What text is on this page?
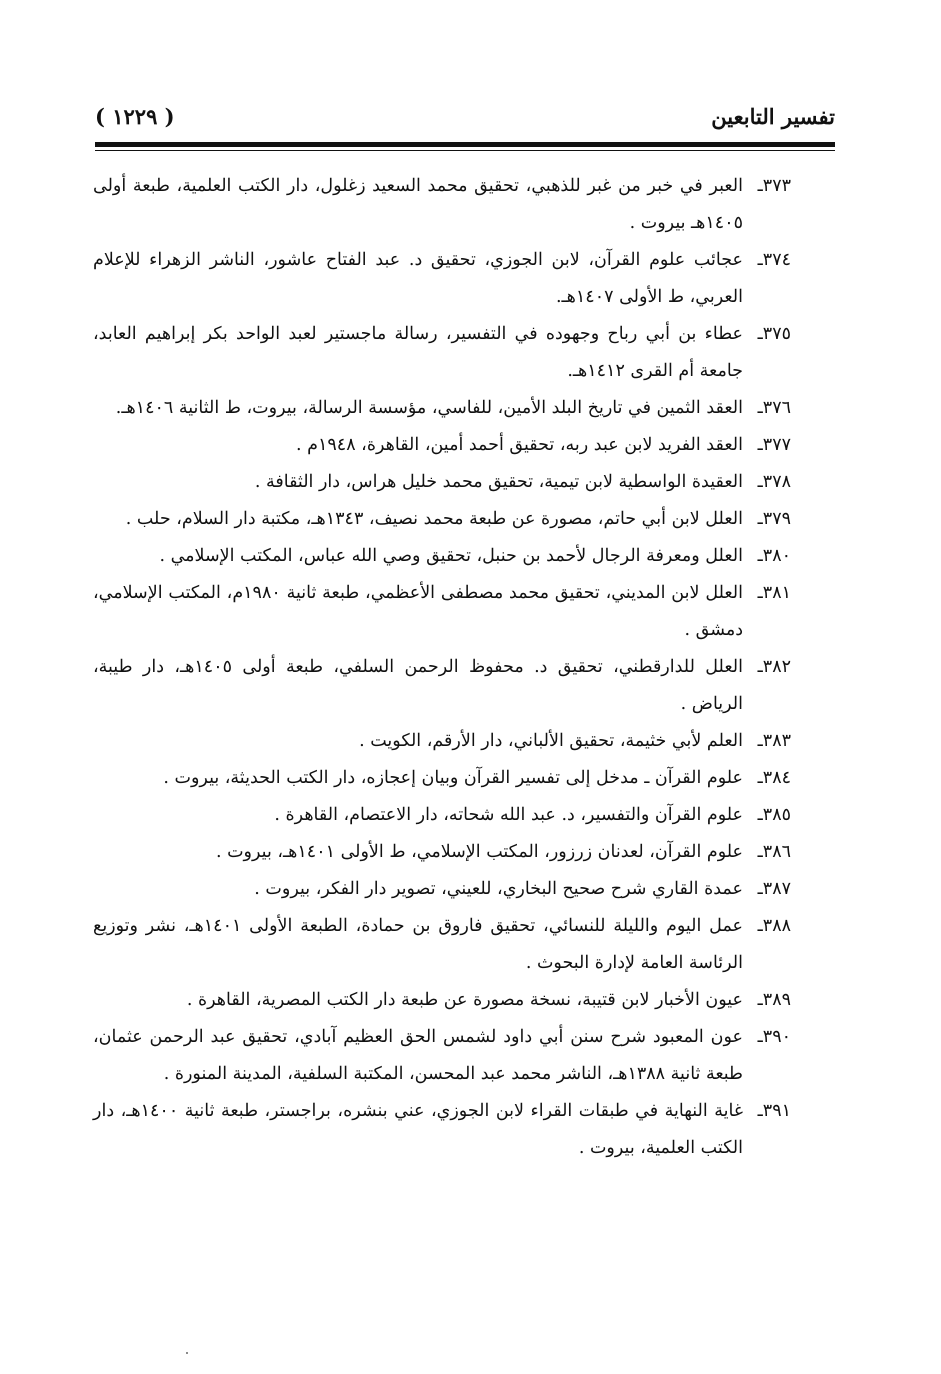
تفسير التابعين
( ١٢٢٩ )
٣٧٣ـ
العبر في خبر من غبر للذهبي، تحقيق محمد السعيد زغلول، دار الكتب العلمية، طبعة أولى ١٤٠٥هـ بيروت .
٣٧٤ـ
عجائب علوم القرآن، لابن الجوزي، تحقيق د. عبد الفتاح عاشور، الناشر الزهراء للإعلام العربي، ط الأولى ١٤٠٧هـ.
٣٧٥ـ
عطاء بن أبي رباح وجهوده في التفسير، رسالة ماجستير لعبد الواحد بكر إبراهيم العابد، جامعة أم القرى ١٤١٢هـ.
٣٧٦ـ
العقد الثمين في تاريخ البلد الأمين، للفاسي، مؤسسة الرسالة، بيروت، ط الثانية ١٤٠٦هـ.
٣٧٧ـ
العقد الفريد لابن عبد ربه، تحقيق أحمد أمين، القاهرة، ١٩٤٨م .
٣٧٨ـ
العقيدة الواسطية لابن تيمية، تحقيق محمد خليل هراس، دار الثقافة .
٣٧٩ـ
العلل لابن أبي حاتم، مصورة عن طبعة محمد نصيف، ١٣٤٣هـ، مكتبة دار السلام، حلب .
٣٨٠ـ
العلل ومعرفة الرجال لأحمد بن حنبل، تحقيق وصي الله عباس، المكتب الإسلامي .
٣٨١ـ
العلل لابن المديني، تحقيق محمد مصطفى الأعظمي، طبعة ثانية ١٩٨٠م، المكتب الإسلامي، دمشق .
٣٨٢ـ
العلل للدارقطني، تحقيق د. محفوظ الرحمن السلفي، طبعة أولى ١٤٠٥هـ، دار طيبة، الرياض .
٣٨٣ـ
العلم لأبي خثيمة، تحقيق الألباني، دار الأرقم، الكويت .
٣٨٤ـ
علوم القرآن ـ مدخل إلى تفسير القرآن وبيان إعجازه، دار الكتب الحديثة، بيروت .
٣٨٥ـ
علوم القرآن والتفسير، د. عبد الله شحاته، دار الاعتصام، القاهرة .
٣٨٦ـ
علوم القرآن، لعدنان زرزور، المكتب الإسلامي، ط الأولى ١٤٠١هـ، بيروت .
٣٨٧ـ
عمدة القاري شرح صحيح البخاري، للعيني، تصوير دار الفكر، بيروت .
٣٨٨ـ
عمل اليوم والليلة للنسائي، تحقيق فاروق بن حمادة، الطبعة الأولى ١٤٠١هـ، نشر وتوزيع الرئاسة العامة لإدارة البحوث .
٣٨٩ـ
عيون الأخبار لابن قتيبة، نسخة مصورة عن طبعة دار الكتب المصرية، القاهرة .
٣٩٠ـ
عون المعبود شرح سنن أبي داود لشمس الحق العظيم آبادي، تحقيق عبد الرحمن عثمان، طبعة ثانية ١٣٨٨هـ، الناشر محمد عبد المحسن، المكتبة السلفية، المدينة المنورة .
٣٩١ـ
غاية النهاية في طبقات القراء لابن الجوزي، عني بنشره، براجستر، طبعة ثانية ١٤٠٠هـ، دار الكتب العلمية، بيروت .
